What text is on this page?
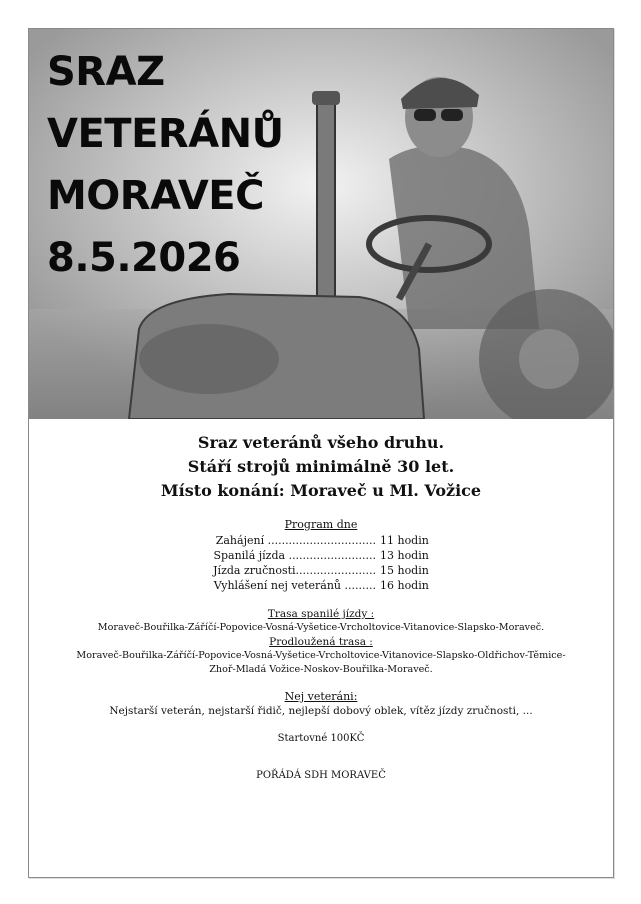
SRAZ
VETERÁNŮ
MORAVEČ
8.5.2026
Sraz veteránů všeho druhu.
Stáří strojů minimálně 30 let.
Místo konání: Moraveč u Ml. Vožice
Program dne
Zahájení ...............................	11 hodin
Spanilá jízda .........................	13 hodin
Jízda zručnosti.......................	15 hodin
Vyhlášení nej veteránů .........	16 hodin
Trasa spanilé jízdy :
Moraveč-Bouřilka-Záříčí-Popovice-Vosná-Vyšetice-Vrcholtovice-Vitanovice-Slapsko-Moraveč.
Prodloužená trasa :
Moraveč-Bouřilka-Záříčí-Popovice-Vosná-Vyšetice-Vrcholtovice-Vitanovice-Slapsko-Oldřichov-Těmice-
Zhoř-Mladá Vožice-Noskov-Bouřilka-Moraveč.
Nej veteráni:
Nejstarší veterán, nejstarší řidič, nejlepší dobový oblek, vítěz jízdy zručnosti, ...
Startovné 100KČ
POŘÁDÁ SDH MORAVEČ
